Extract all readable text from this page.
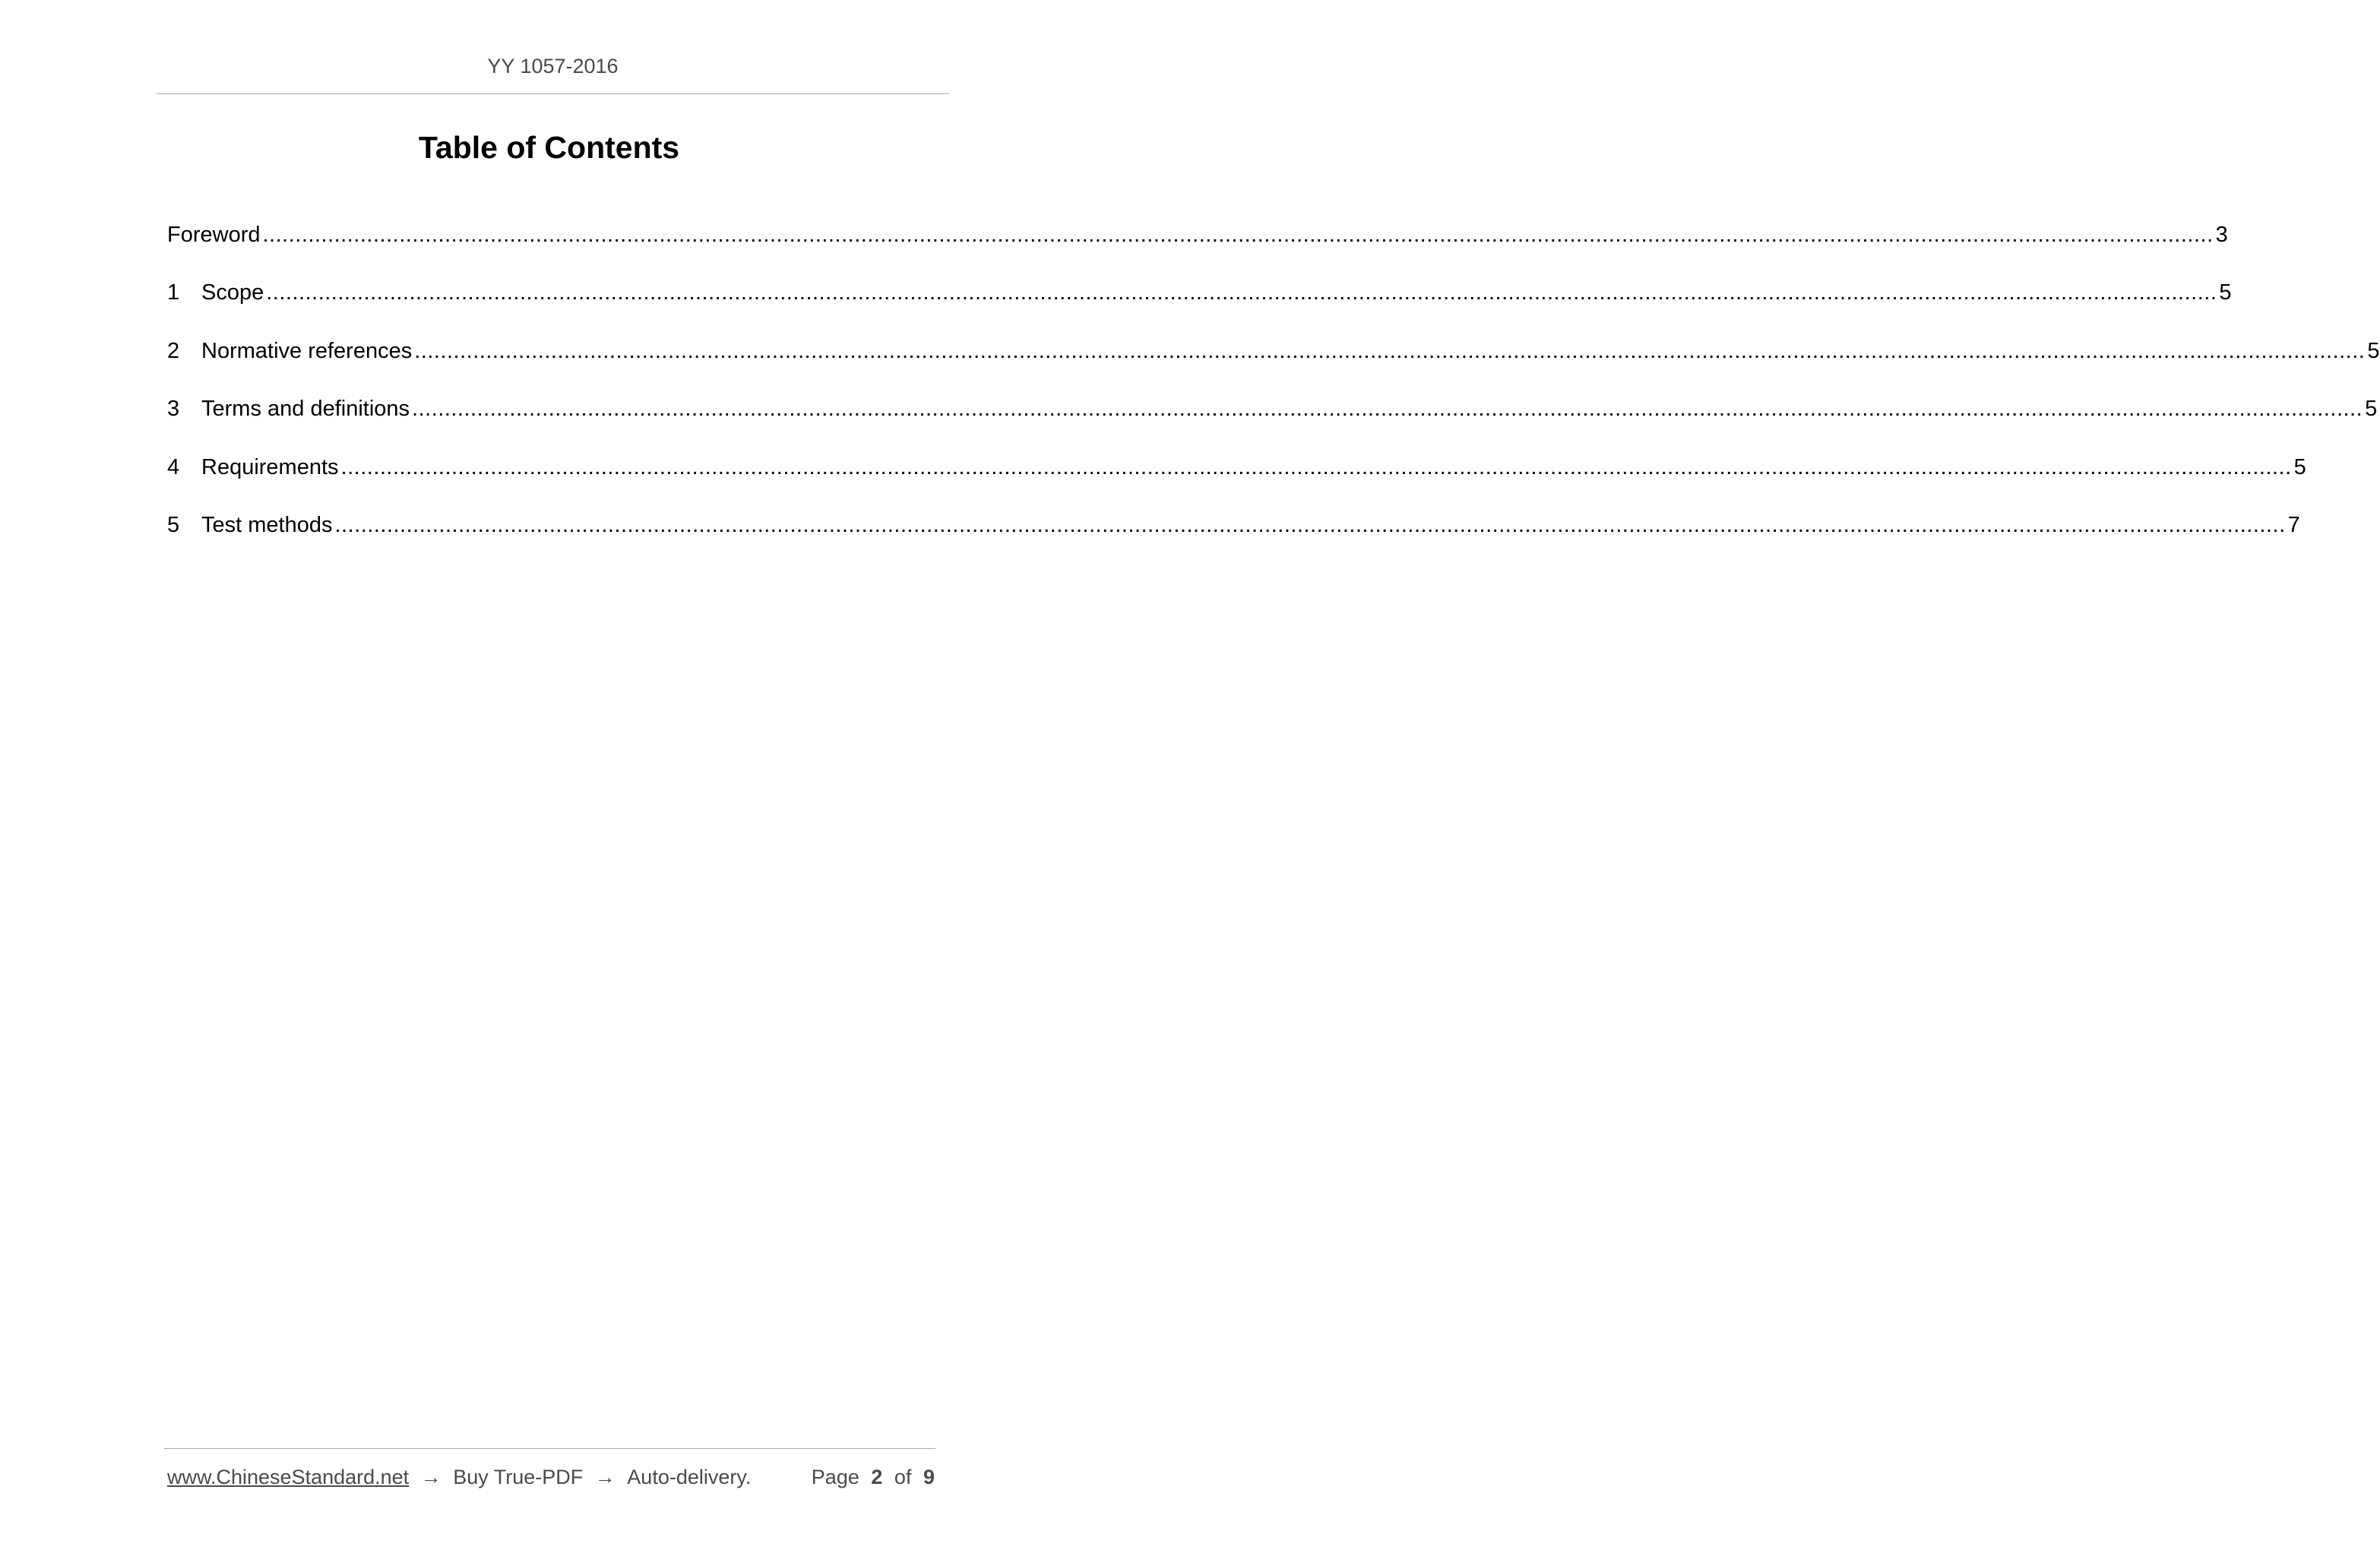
YY 1057-2016
Table of Contents
Foreword ............................................................................................................................................................................................................................................................................................................ 3
1 Scope ............................................................................................................................................................................................................................................................................................................ 5
2 Normative references ............................................................................................................................................................................................................................................................................................................ 5
3 Terms and definitions ............................................................................................................................................................................................................................................................................................................ 5
4 Requirements ............................................................................................................................................................................................................................................................................................................ 5
5 Test methods ............................................................................................................................................................................................................................................................................................................ 7
www.ChineseStandard.net → Buy True-PDF → Auto-delivery.	Page 2 of 9
